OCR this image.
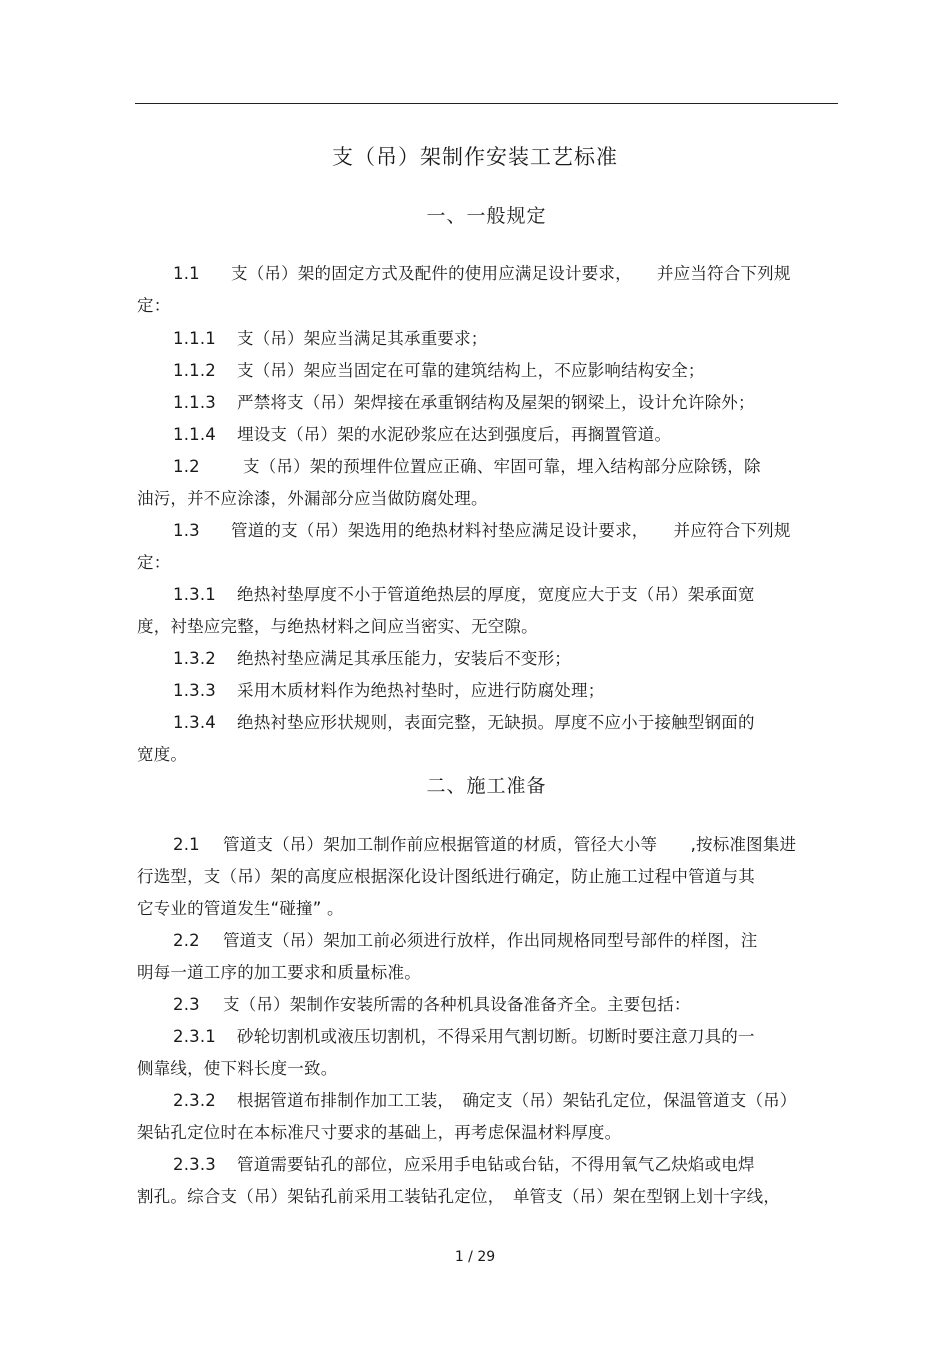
支（吊）架制作安装工艺标准
一、一般规定
1.1 支（吊）架的固定方式及配件的使用应满足设计要求，　　并应当符合下列规
定：
1.1.1 支（吊）架应当满足其承重要求；
1.1.2 支（吊）架应当固定在可靠的建筑结构上，不应影响结构安全；
1.1.3 严禁将支（吊）架焊接在承重钢结构及屋架的钢梁上，设计允许除外；
1.1.4 埋设支（吊）架的水泥砂浆应在达到强度后，再搁置管道。
1.2	支（吊）架的预埋件位置应正确、牢固可靠，埋入结构部分应除锈，除
油污，并不应涂漆，外漏部分应当做防腐处理。
1.3 管道的支（吊）架选用的绝热材料衬垫应满足设计要求，　　并应符合下列规
定：
1.3.1 绝热衬垫厚度不小于管道绝热层的厚度，宽度应大于支（吊）架承面宽
度，衬垫应完整，与绝热材料之间应当密实、无空隙。
1.3.2 绝热衬垫应满足其承压能力，安装后不变形；
1.3.3 采用木质材料作为绝热衬垫时，应进行防腐处理；
1.3.4 绝热衬垫应形状规则，表面完整，无缺损。厚度不应小于接触型钢面的
宽度。
二、施工准备
2.1 管道支（吊）架加工制作前应根据管道的材质，管径大小等　　,按标准图集进
行选型，支（吊）架的高度应根据深化设计图纸进行确定，防止施工过程中管道与其
它专业的管道发生“碰撞” 。
2.2 管道支（吊）架加工前必须进行放样，作出同规格同型号部件的样图，注
明每一道工序的加工要求和质量标准。
2.3 支（吊）架制作安装所需的各种机具设备准备齐全。主要包括：
2.3.1 砂轮切割机或液压切割机，不得采用气割切断。切断时要注意刀具的一
侧靠线，使下料长度一致。
2.3.2 根据管道布排制作加工工装，　确定支（吊）架钻孔定位，保温管道支（吊）
架钻孔定位时在本标准尺寸要求的基础上，再考虑保温材料厚度。
2.3.3 管道需要钻孔的部位，应采用手电钻或台钻，不得用氧气乙炔焰或电焊
割孔。综合支（吊）架钻孔前采用工装钻孔定位，　单管支（吊）架在型钢上划十字线，
1 / 29
